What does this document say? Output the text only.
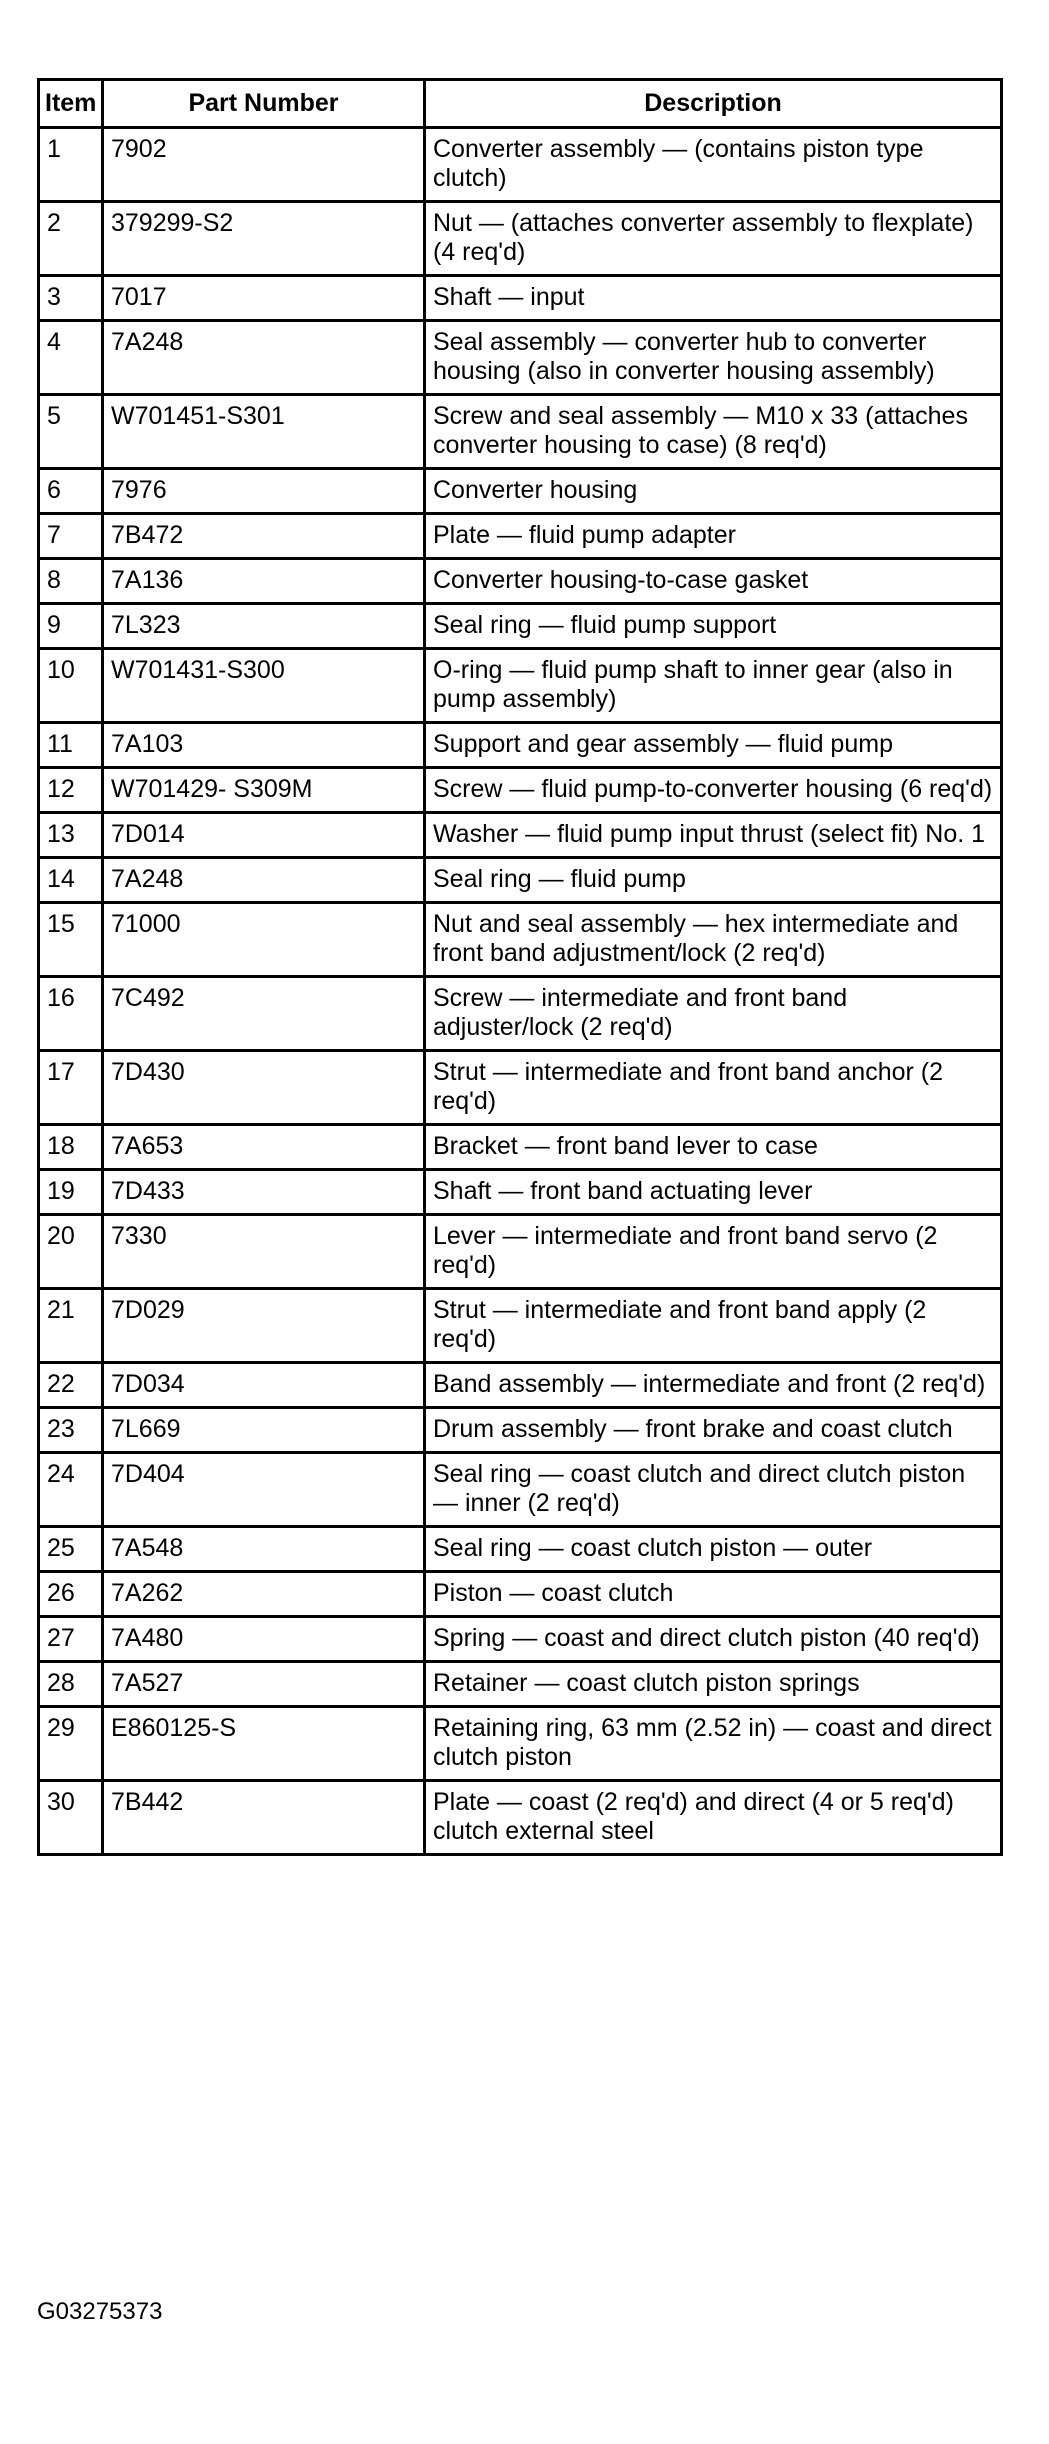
Item	Part Number	Description
1	7902	Converter assembly — (contains piston type clutch)
2	379299-S2	Nut — (attaches converter assembly to flexplate) (4 req'd)
3	7017	Shaft — input
4	7A248	Seal assembly — converter hub to converter housing (also in converter housing assembly)
5	W701451-S301	Screw and seal assembly — M10 x 33 (attaches converter housing to case) (8 req'd)
6	7976	Converter housing
7	7B472	Plate — fluid pump adapter
8	7A136	Converter housing-to-case gasket
9	7L323	Seal ring — fluid pump support
10	W701431-S300	O-ring — fluid pump shaft to inner gear (also in pump assembly)
11	7A103	Support and gear assembly — fluid pump
12	W701429- S309M	Screw — fluid pump-to-converter housing (6 req'd)
13	7D014	Washer — fluid pump input thrust (select fit) No. 1
14	7A248	Seal ring — fluid pump
15	71000	Nut and seal assembly — hex intermediate and front band adjustment/lock (2 req'd)
16	7C492	Screw — intermediate and front band adjuster/lock (2 req'd)
17	7D430	Strut — intermediate and front band anchor (2 req'd)
18	7A653	Bracket — front band lever to case
19	7D433	Shaft — front band actuating lever
20	7330	Lever — intermediate and front band servo (2 req'd)
21	7D029	Strut — intermediate and front band apply (2 req'd)
22	7D034	Band assembly — intermediate and front (2 req'd)
23	7L669	Drum assembly — front brake and coast clutch
24	7D404	Seal ring — coast clutch and direct clutch piston — inner (2 req'd)
25	7A548	Seal ring — coast clutch piston — outer
26	7A262	Piston — coast clutch
27	7A480	Spring — coast and direct clutch piston (40 req'd)
28	7A527	Retainer — coast clutch piston springs
29	E860125-S	Retaining ring, 63 mm (2.52 in) — coast and direct clutch piston
30	7B442	Plate — coast (2 req'd) and direct (4 or 5 req'd) clutch external steel
G03275373
